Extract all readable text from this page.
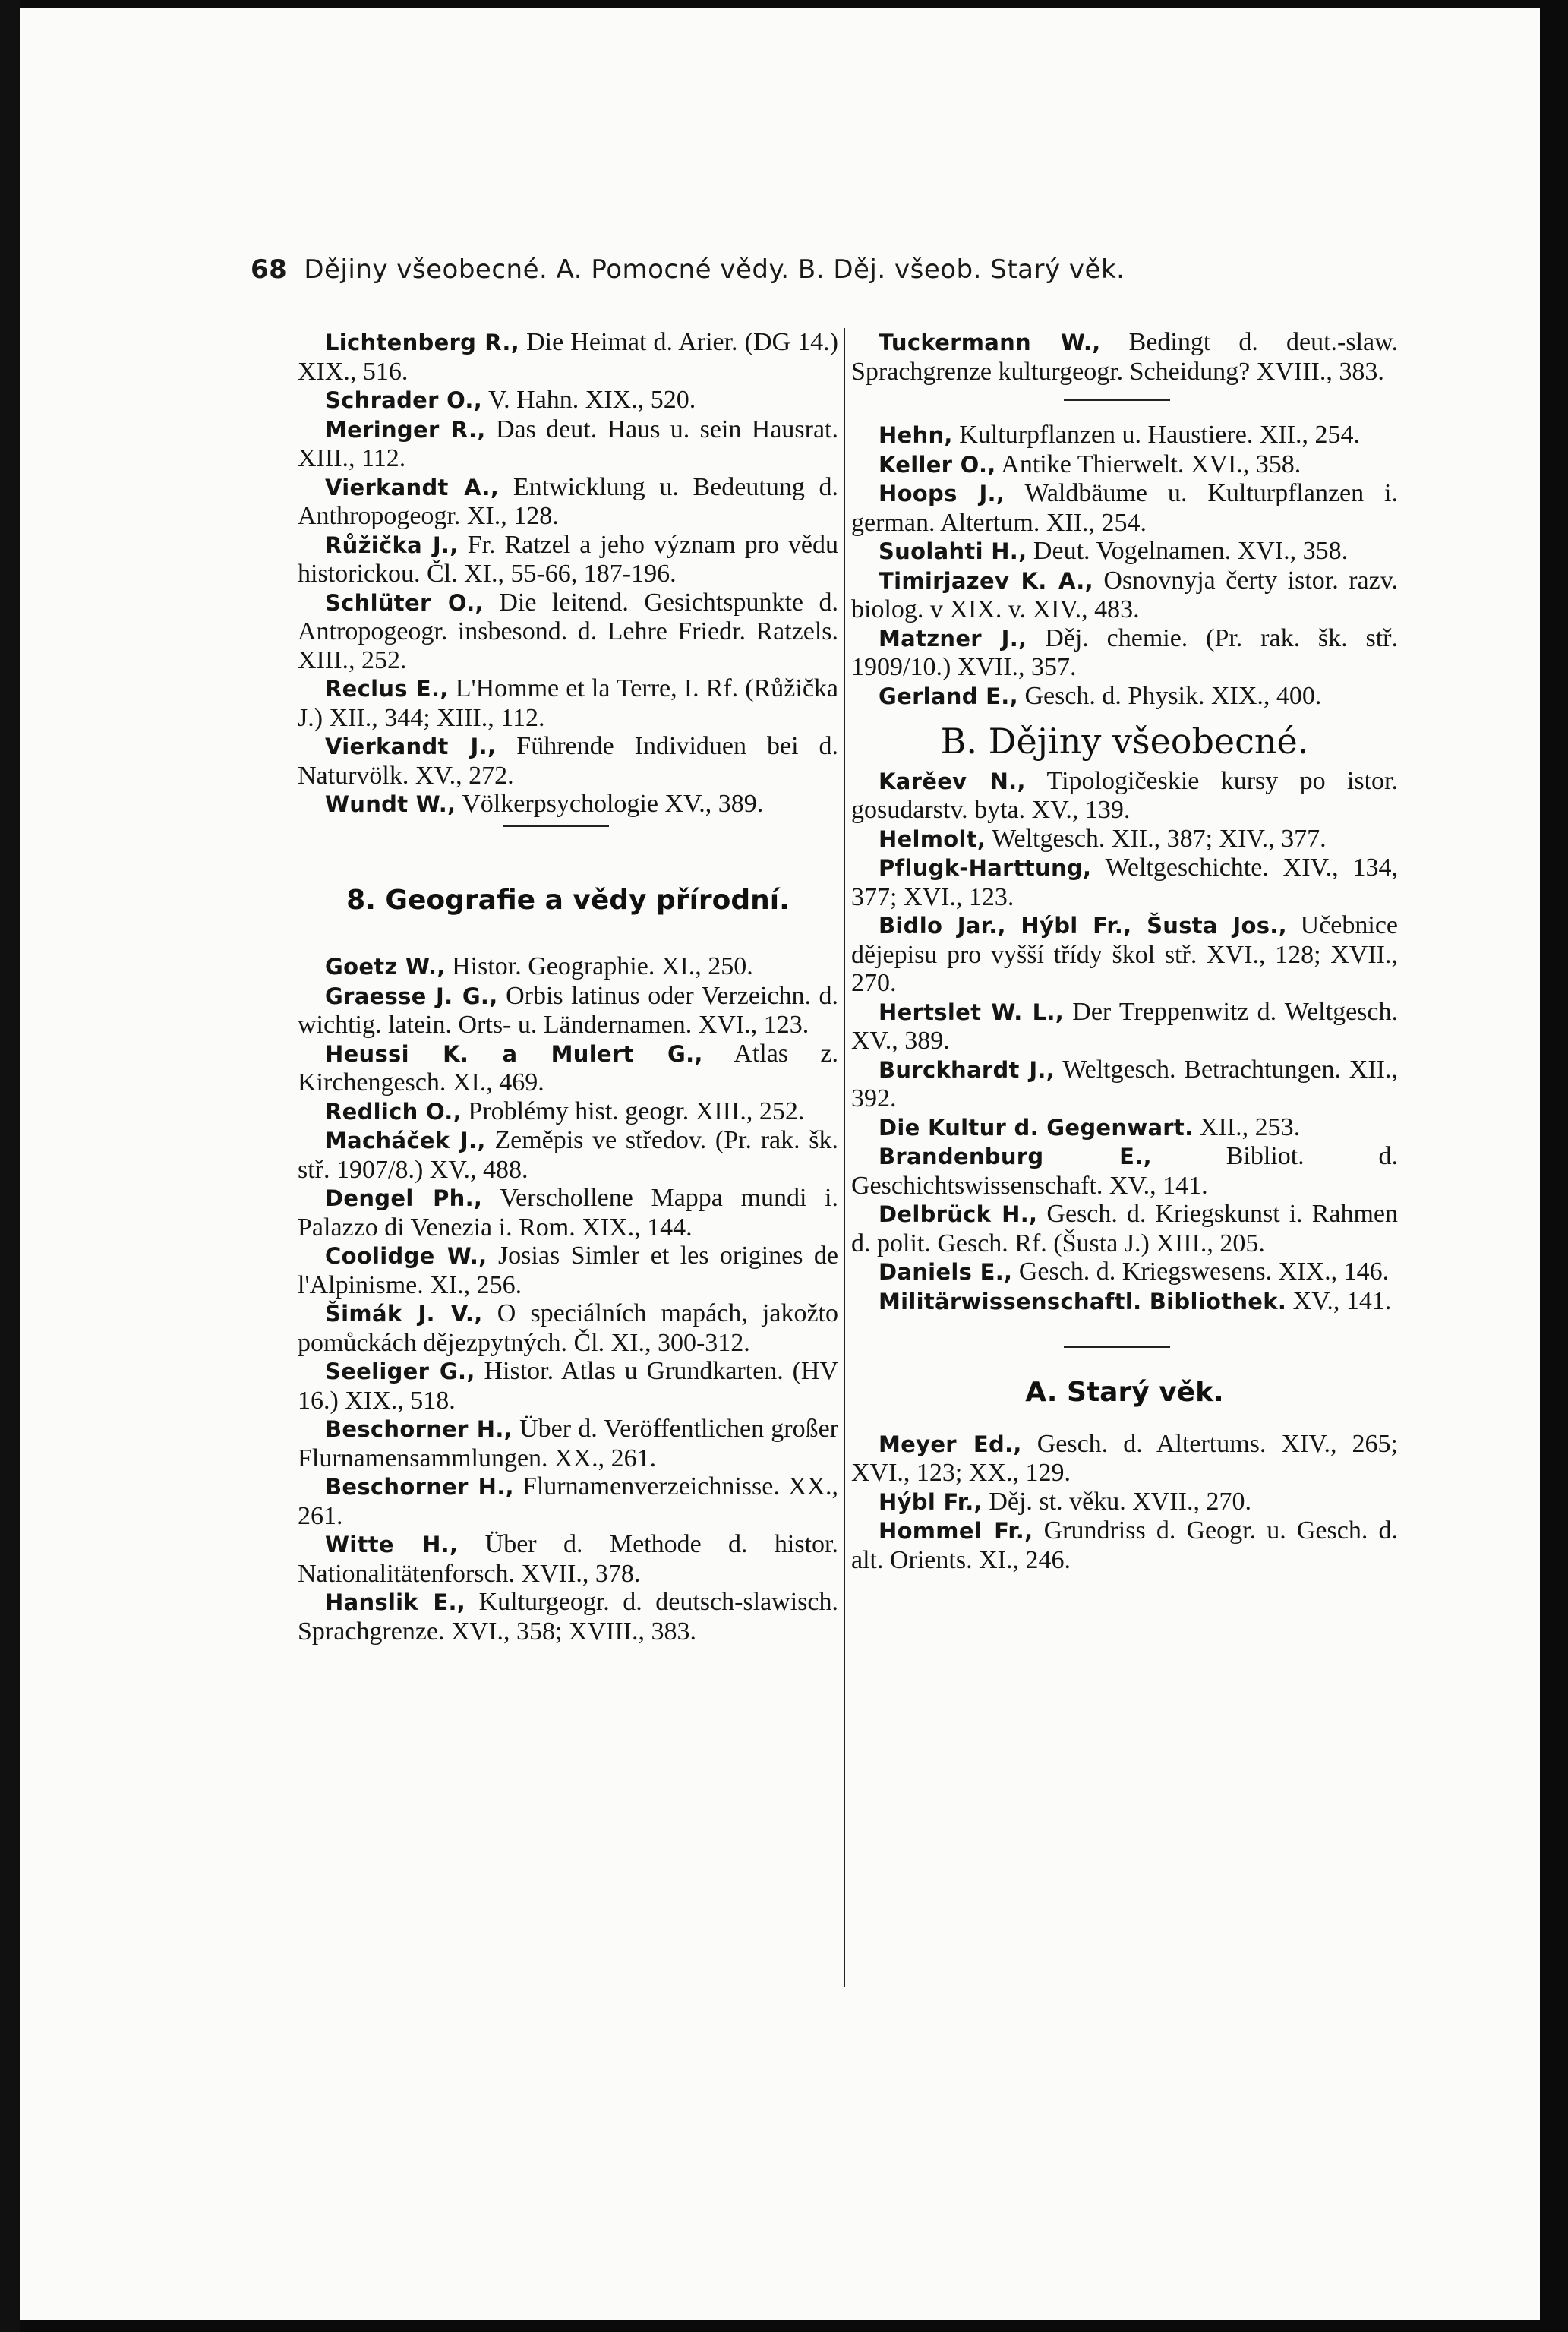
68 Dějiny všeobecné. A. Pomocné vědy. B. Děj. všeob. Starý věk.

Lichtenberg R., Die Heimat d. Arier. (DG 14.) XIX., 516.

Schrader O., V. Hahn. XIX., 520.

Meringer R., Das deut. Haus u. sein Hausrat. XIII., 112.

Vierkandt A., Entwicklung u. Bedeutung d. Anthropogeogr. XI., 128.

Růžička J., Fr. Ratzel a jeho význam pro vědu historickou. Čl. XI., 55-66, 187-196.

Schlüter O., Die leitend. Gesichtspunkte d. Antropogeogr. insbesond. d. Lehre Friedr. Ratzels. XIII., 252.

Reclus E., L'Homme et la Terre, I. Rf. (Růžička J.) XII., 344; XIII., 112.

Vierkandt J., Führende Individuen bei d. Naturvölk. XV., 272.

Wundt W., Völkerpsychologie XV., 389.

8. Geografie a vědy přírodní.

Goetz W., Histor. Geographie. XI., 250.

Graesse J. G., Orbis latinus oder Verzeichn. d. wichtig. latein. Orts- u. Ländernamen. XVI., 123.

Heussi K. a Mulert G., Atlas z. Kirchengesch. XI., 469.

Redlich O., Problémy hist. geogr. XIII., 252.

Macháček J., Zeměpis ve středov. (Pr. rak. šk. stř. 1907/8.) XV., 488.

Dengel Ph., Verschollene Mappa mundi i. Palazzo di Venezia i. Rom. XIX., 144.

Coolidge W., Josias Simler et les origines de l'Alpinisme. XI., 256.

Šimák J. V., O speciálních mapách, jakožto pomůckách dějezpytných. Čl. XI., 300-312.

Seeliger G., Histor. Atlas u Grundkarten. (HV 16.) XIX., 518.

Beschorner H., Über d. Veröffentlichen großer Flurnamensammlungen. XX., 261.

Beschorner H., Flurnamenverzeichnisse. XX., 261.

Witte H., Über d. Methode d. histor. Nationalitätenforsch. XVII., 378.

Hanslik E., Kulturgeogr. d. deutsch-slawisch. Sprachgrenze. XVI., 358; XVIII., 383.

Tuckermann W., Bedingt d. deut.-slaw. Sprachgrenze kulturgeogr. Scheidung? XVIII., 383.

Hehn, Kulturpflanzen u. Haustiere. XII., 254.

Keller O., Antike Thierwelt. XVI., 358.

Hoops J., Waldbäume u. Kulturpflanzen i. german. Altertum. XII., 254.

Suolahti H., Deut. Vogelnamen. XVI., 358.

Timirjazev K. A., Osnovnyja čerty istor. razv. biolog. v XIX. v. XIV., 483.

Matzner J., Děj. chemie. (Pr. rak. šk. stř. 1909/10.) XVII., 357.

Gerland E., Gesch. d. Physik. XIX., 400.

B. Dějiny všeobecné.

Karěev N., Tipologičeskie kursy po istor. gosudarstv. byta. XV., 139.

Helmolt, Weltgesch. XII., 387; XIV., 377.

Pflugk-Harttung, Weltgeschichte. XIV., 134, 377; XVI., 123.

Bidlo Jar., Hýbl Fr., Šusta Jos., Učebnice dějepisu pro vyšší třídy škol stř. XVI., 128; XVII., 270.

Hertslet W. L., Der Treppenwitz d. Weltgesch. XV., 389.

Burckhardt J., Weltgesch. Betrachtungen. XII., 392.

Die Kultur d. Gegenwart. XII., 253.

Brandenburg E.,	Bibliot. d. Geschichtswissenschaft. XV., 141.

Delbrück H., Gesch. d. Kriegskunst i. Rahmen d. polit. Gesch. Rf. (Šusta J.) XIII., 205.

Daniels E., Gesch. d. Kriegswesens. XIX., 146.

Militärwissenschaftl. Bibliothek. XV., 141.

A. Starý věk.

Meyer Ed., Gesch. d. Altertums. XIV., 265; XVI., 123; XX., 129.

Hýbl Fr., Děj. st. věku. XVII., 270.

Hommel Fr., Grundriss d. Geogr. u. Gesch. d. alt. Orients. XI., 246.
